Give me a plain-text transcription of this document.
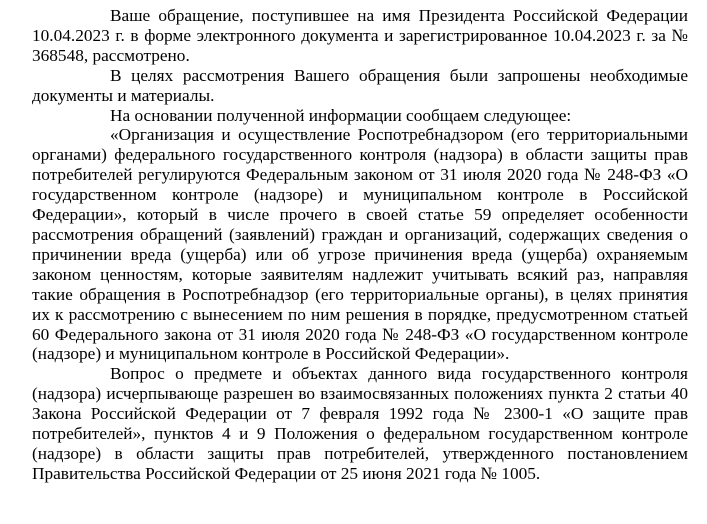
Ваше обращение, поступившее на имя Президента Российской Федерации 10.04.2023 г. в форме электронного документа и зарегистрированное 10.04.2023 г. за № 368548, рассмотрено.

В целях рассмотрения Вашего обращения были запрошены необходимые документы и материалы.

На основании полученной информации сообщаем следующее:

«Организация и осуществление Роспотребнадзором (его территориальными органами) федерального государственного контроля (надзора) в области защиты прав потребителей регулируются Федеральным законом от 31 июля 2020 года № 248-ФЗ «О государственном контроле (надзоре) и муниципальном контроле в Российской Федерации», который в числе прочего в своей статье 59 определяет особенности рассмотрения обращений (заявлений) граждан и организаций, содержащих сведения о причинении вреда (ущерба) или об угрозе причинения вреда (ущерба) охраняемым законом ценностям, которые заявителям надлежит учитывать всякий раз, направляя такие обращения в Роспотребнадзор (его территориальные органы), в целях принятия их к рассмотрению с вынесением по ним решения в порядке, предусмотренном статьей 60 Федерального закона от 31 июля 2020 года № 248-ФЗ «О государственном контроле (надзоре) и муниципальном контроле в Российской Федерации».

Вопрос о предмете и объектах данного вида государственного контроля (надзора) исчерпывающе разрешен во взаимосвязанных положениях пункта 2 статьи 40 Закона Российской Федерации от 7 февраля 1992 года № 2300-1 «О защите прав потребителей», пунктов 4 и 9 Положения о федеральном государственном контроле (надзоре) в области защиты прав потребителей, утвержденного постановлением Правительства Российской Федерации от 25 июня 2021 года № 1005.
